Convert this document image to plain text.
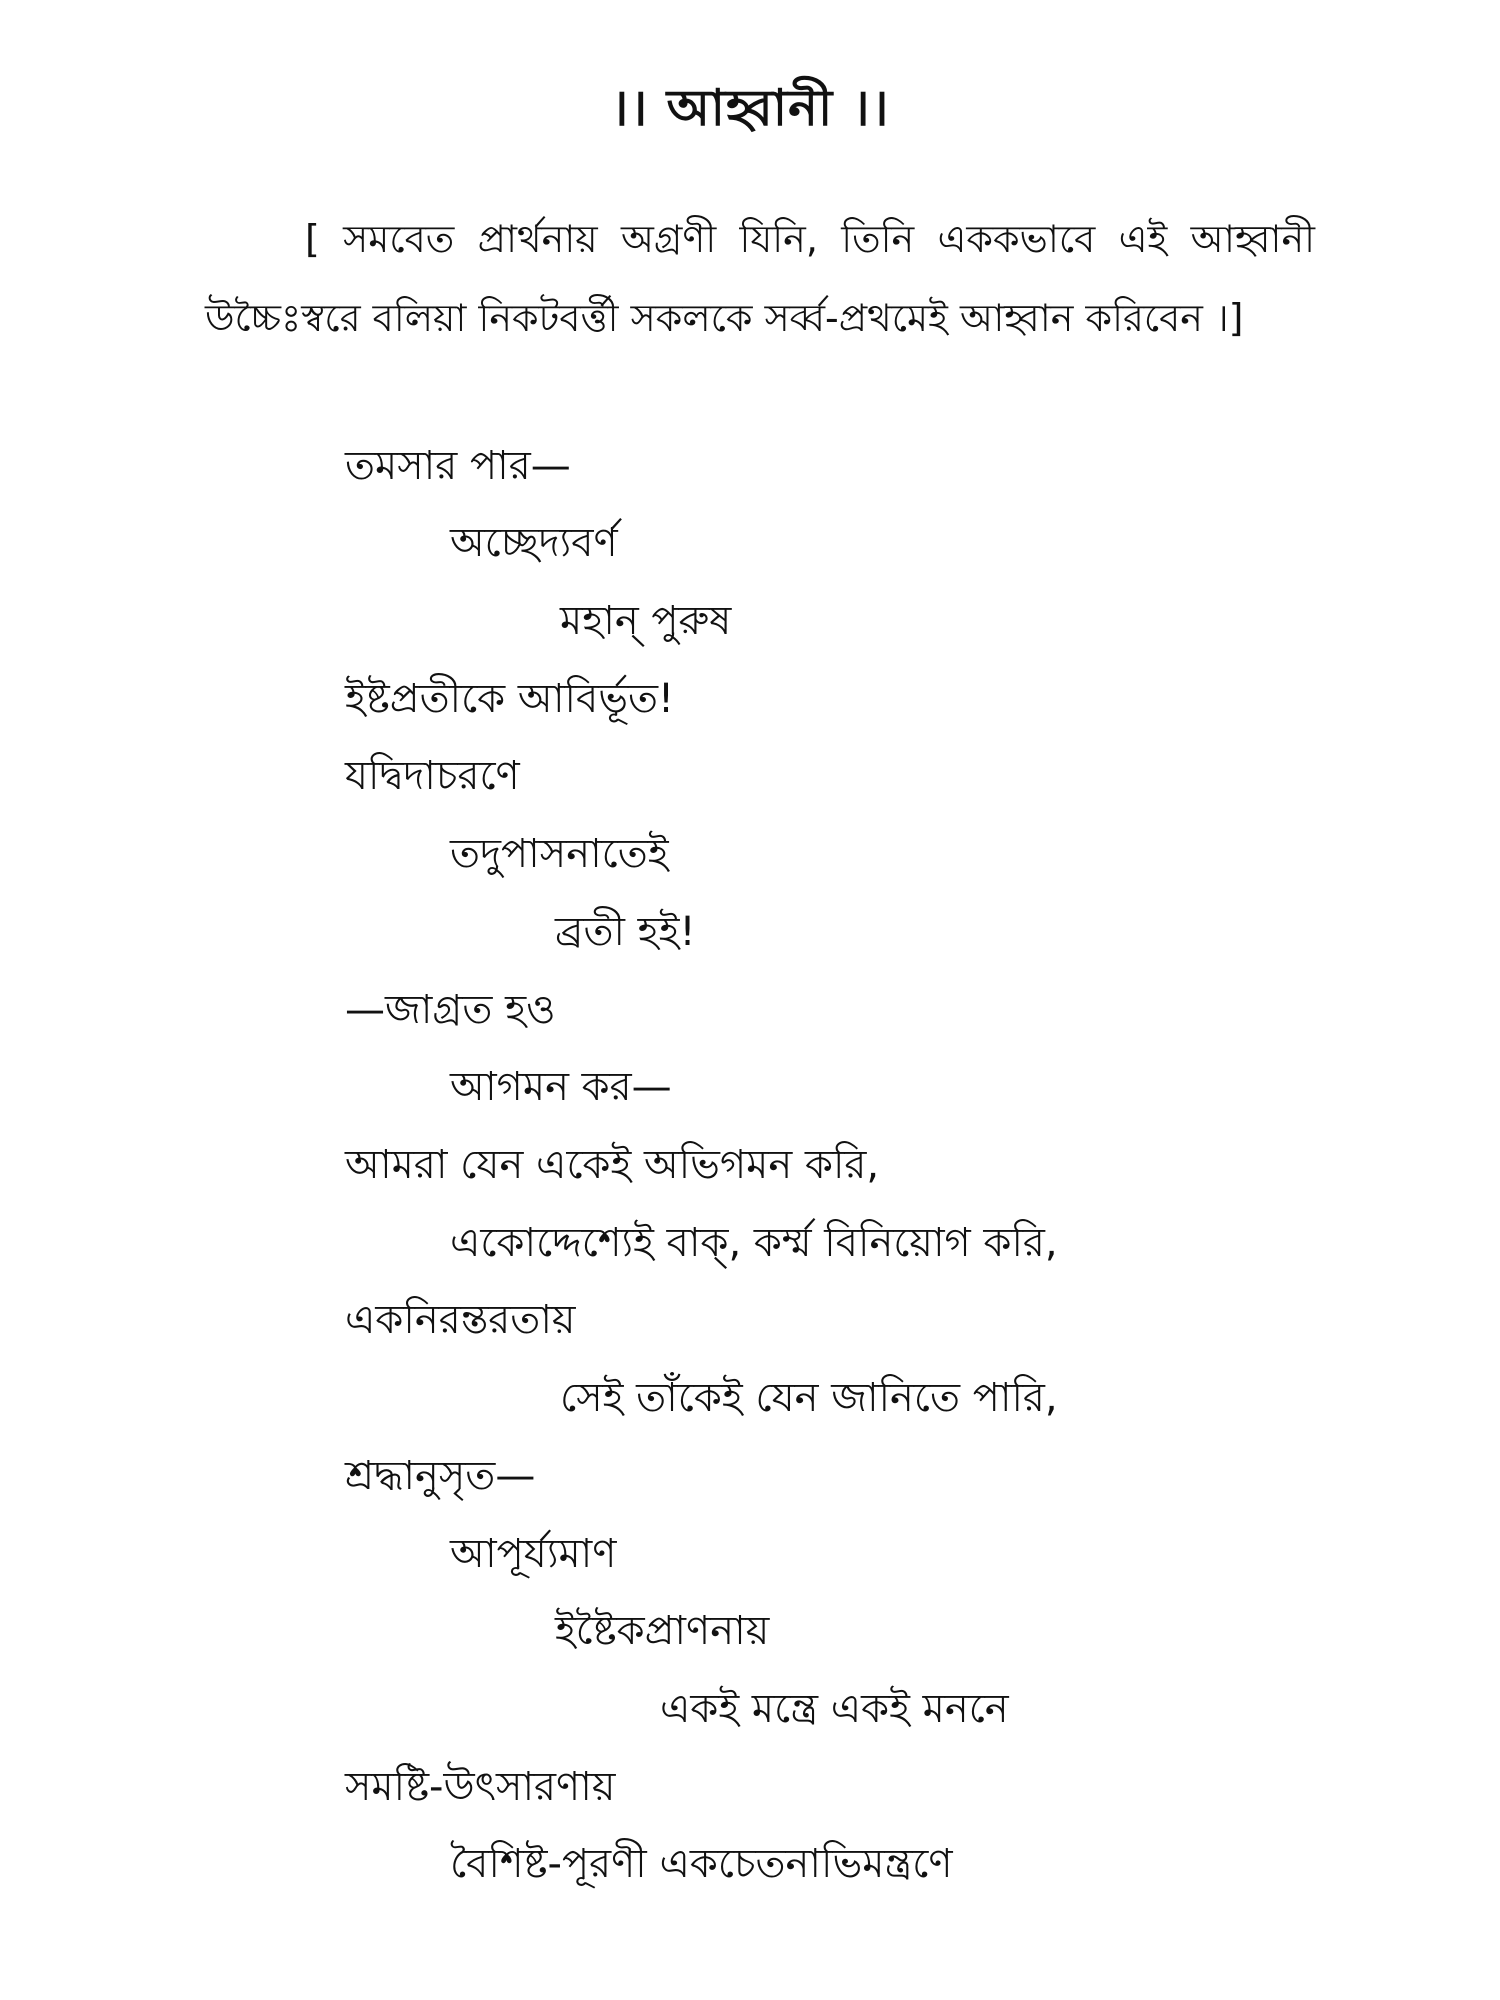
।। আহ্বানী ।।
[ সমবেত প্রার্থনায় অগ্রণী যিনি, তিনি এককভাবে এই আহ্বানী উচ্চৈঃস্বরে বলিয়া নিকটবর্ত্তী সকলকে সর্ব্ব-প্রথমেই আহ্বান করিবেন ।]
তমসার পার—
অচ্ছেদ্যবর্ণ
মহান্ পুরুষ
ইষ্টপ্রতীকে আবির্ভূত!
যদ্বিদাচরণে
তদুপাসনাতেই
ব্রতী হই!
—জাগ্রত হও
আগমন কর—
আমরা যেন একেই অভিগমন করি,
একোদ্দেশ্যেই বাক্, কর্ম্ম বিনিয়োগ করি,
একনিরন্তরতায়
সেই তাঁকেই যেন জানিতে পারি,
শ্রদ্ধানুসৃত—
আপূর্য্যমাণ
ইষ্টৈকপ্রাণনায়
একই মন্ত্রে একই মননে
সমষ্টি-উৎসারণায়
বৈশিষ্ট-পূরণী একচেতনাভিমন্ত্রণে
